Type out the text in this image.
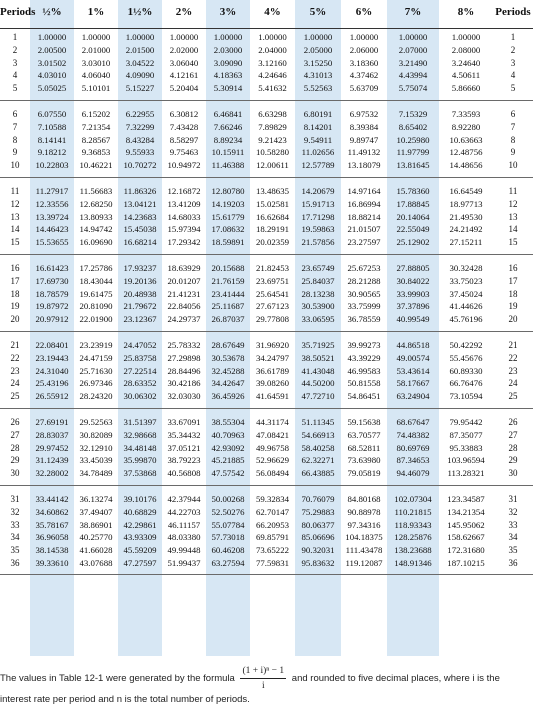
Periods ½%	1%	1½%	2%	3%	4%	5%	6%	7%	8%	Periods
1	1.00000	1.00000	1.00000	1.00000	1.00000	1.00000	1.00000	1.00000	1.00000	1.00000	1
2	2.00500	2.01000	2.01500	2.02000	2.03000	2.04000	2.05000	2.06000	2.07000	2.08000	2
3	3.01502	3.03010	3.04522	3.06040	3.09090	3.12160	3.15250	3.18360	3.21490	3.24640	3
4	4.03010	4.06040	4.09090	4.12161	4.18363	4.24646	4.31013	4.37462	4.43994	4.50611	4
5	5.05025	5.10101	5.15227	5.20404	5.30914	5.41632	5.52563	5.63709	5.75074	5.86660	5
6	6.07550	6.15202	6.22955	6.30812	6.46841	6.63298	6.80191	6.97532	7.15329	7.33593	6
7	7.10588	7.21354	7.32299	7.43428	7.66246	7.89829	8.14201	8.39384	8.65402	8.92280	7
8	8.14141	8.28567	8.43284	8.58297	8.89234	9.21423	9.54911	9.89747	10.25980	10.63663	8
9	9.18212	9.36853	9.55933	9.75463	10.15911	10.58280	11.02656	11.49132	11.97799	12.48756	9
10	10.22803	10.46221	10.70272	10.94972	11.46388	12.00611	12.57789	13.18079	13.81645	14.48656	10
11	11.27917	11.56683	11.86326	12.16872	12.80780	13.48635	14.20679	14.97164	15.78360	16.64549	11
12	12.33556	12.68250	13.04121	13.41209	14.19203	15.02581	15.91713	16.86994	17.88845	18.97713	12
13	13.39724	13.80933	14.23683	14.68033	15.61779	16.62684	17.71298	18.88214	20.14064	21.49530	13
14	14.46423	14.94742	15.45038	15.97394	17.08632	18.29191	19.59863	21.01507	22.55049	24.21492	14
15	15.53655	16.09690	16.68214	17.29342	18.59891	20.02359	21.57856	23.27597	25.12902	27.15211	15
16	16.61423	17.25786	17.93237	18.63929	20.15688	21.82453	23.65749	25.67253	27.88805	30.32428	16
17	17.69730	18.43044	19.20136	20.01207	21.76159	23.69751	25.84037	28.21288	30.84022	33.75023	17
18	18.78579	19.61475	20.48938	21.41231	23.41444	25.64541	28.13238	30.90565	33.99903	37.45024	18
19	19.87972	20.81090	21.79672	22.84056	25.11687	27.67123	30.53900	33.75999	37.37896	41.44626	19
20	20.97912	22.01900	23.12367	24.29737	26.87037	29.77808	33.06595	36.78559	40.99549	45.76196	20
21	22.08401	23.23919	24.47052	25.78332	28.67649	31.96920	35.71925	39.99273	44.86518	50.42292	21
22	23.19443	24.47159	25.83758	27.29898	30.53678	34.24797	38.50521	43.39229	49.00574	55.45676	22
23	24.31040	25.71630	27.22514	28.84496	32.45288	36.61789	41.43048	46.99583	53.43614	60.89330	23
24	25.43196	26.97346	28.63352	30.42186	34.42647	39.08260	44.50200	50.81558	58.17667	66.76476	24
25	26.55912	28.24320	30.06302	32.03030	36.45926	41.64591	47.72710	54.86451	63.24904	73.10594	25
26	27.69191	29.52563	31.51397	33.67091	38.55304	44.31174	51.11345	59.15638	68.67647	79.95442	26
27	28.83037	30.82089	32.98668	35.34432	40.70963	47.08421	54.66913	63.70577	74.48382	87.35077	27
28	29.97452	32.12910	34.48148	37.05121	42.93092	49.96758	58.40258	68.52811	80.69769	95.33883	28
29	31.12439	33.45039	35.99870	38.79223	45.21885	52.96629	62.32271	73.63980	87.34653	103.96594	29
30	32.28002	34.78489	37.53868	40.56808	47.57542	56.08494	66.43885	79.05819	94.46079	113.28321	30
31	33.44142	36.13274	39.10176	42.37944	50.00268	59.32834	70.76079	84.80168	102.07304	123.34587	31
32	34.60862	37.49407	40.68829	44.22703	52.50276	62.70147	75.29883	90.88978	110.21815	134.21354	32
33	35.78167	38.86901	42.29861	46.11157	55.07784	66.20953	80.06377	97.34316	118.93343	145.95062	33
34	36.96058	40.25770	43.93309	48.03380	57.73018	69.85791	85.06696	104.18375	128.25876	158.62667	34
35	38.14538	41.66028	45.59209	49.99448	60.46208	73.65222	90.32031	111.43478	138.23688	172.31680	35
36	39.33610	43.07688	47.27597	51.99437	63.27594	77.59831	95.83632	119.12087	148.91346	187.10215	36
The values in Table 12-1 were generated by the formula $\frac{\text{(1 + i)ⁿ − 1}}{i}$ and rounded to five decimal places, where i is the interest rate per period and n is the total number of periods.
